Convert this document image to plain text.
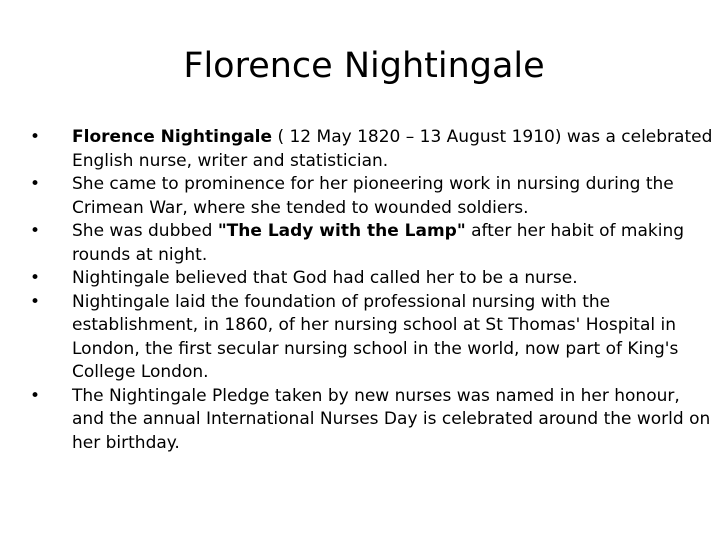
Florence Nightingale
•	Florence Nightingale ( 12 May 1820 – 13 August 1910) was a celebrated English nurse, writer and statistician.
•	She came to prominence for her pioneering work in nursing during the Crimean War, where she tended to wounded soldiers.
•	She was dubbed "The Lady with the Lamp" after her habit of making rounds at night.
•	Nightingale believed that God had called her to be a nurse.
•	Nightingale laid the foundation of professional nursing with the establishment, in 1860, of her nursing school at St Thomas' Hospital in London, the first secular nursing school in the world, now part of King's College London.
•	The Nightingale Pledge taken by new nurses was named in her honour, and the annual International Nurses Day is celebrated around the world on her birthday.
